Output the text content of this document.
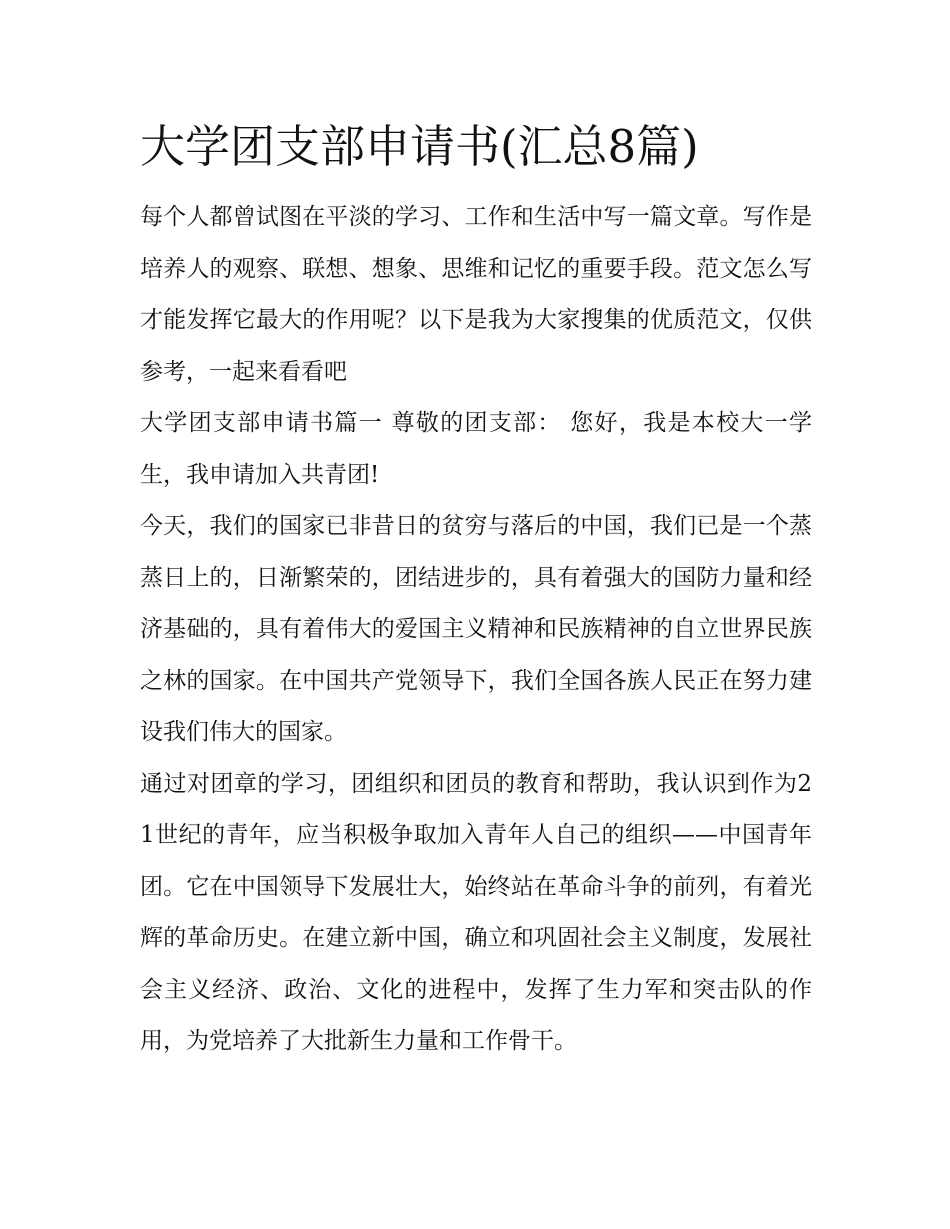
大学团支部申请书(汇总8篇)

每个人都曾试图在平淡的学习、工作和生活中写一篇文章。写作是培养人的观察、联想、想象、思维和记忆的重要手段。范文怎么写才能发挥它最大的作用呢？以下是我为大家搜集的优质范文，仅供参考，一起来看看吧

大学团支部申请书篇一 尊敬的团支部： 您好，我是本校大一学生，我申请加入共青团!

今天，我们的国家已非昔日的贫穷与落后的中国，我们已是一个蒸蒸日上的，日渐繁荣的，团结进步的，具有着强大的国防力量和经济基础的，具有着伟大的爱国主义精神和民族精神的自立世界民族之林的国家。在中国共产党领导下，我们全国各族人民正在努力建设我们伟大的国家。

通过对团章的学习，团组织和团员的教育和帮助，我认识到作为21世纪的青年，应当积极争取加入青年人自己的组织——中国青年团。它在中国领导下发展壮大，始终站在革命斗争的前列，有着光辉的革命历史。在建立新中国，确立和巩固社会主义制度，发展社会主义经济、政治、文化的进程中，发挥了生力军和突击队的作用，为党培养了大批新生力量和工作骨干。
